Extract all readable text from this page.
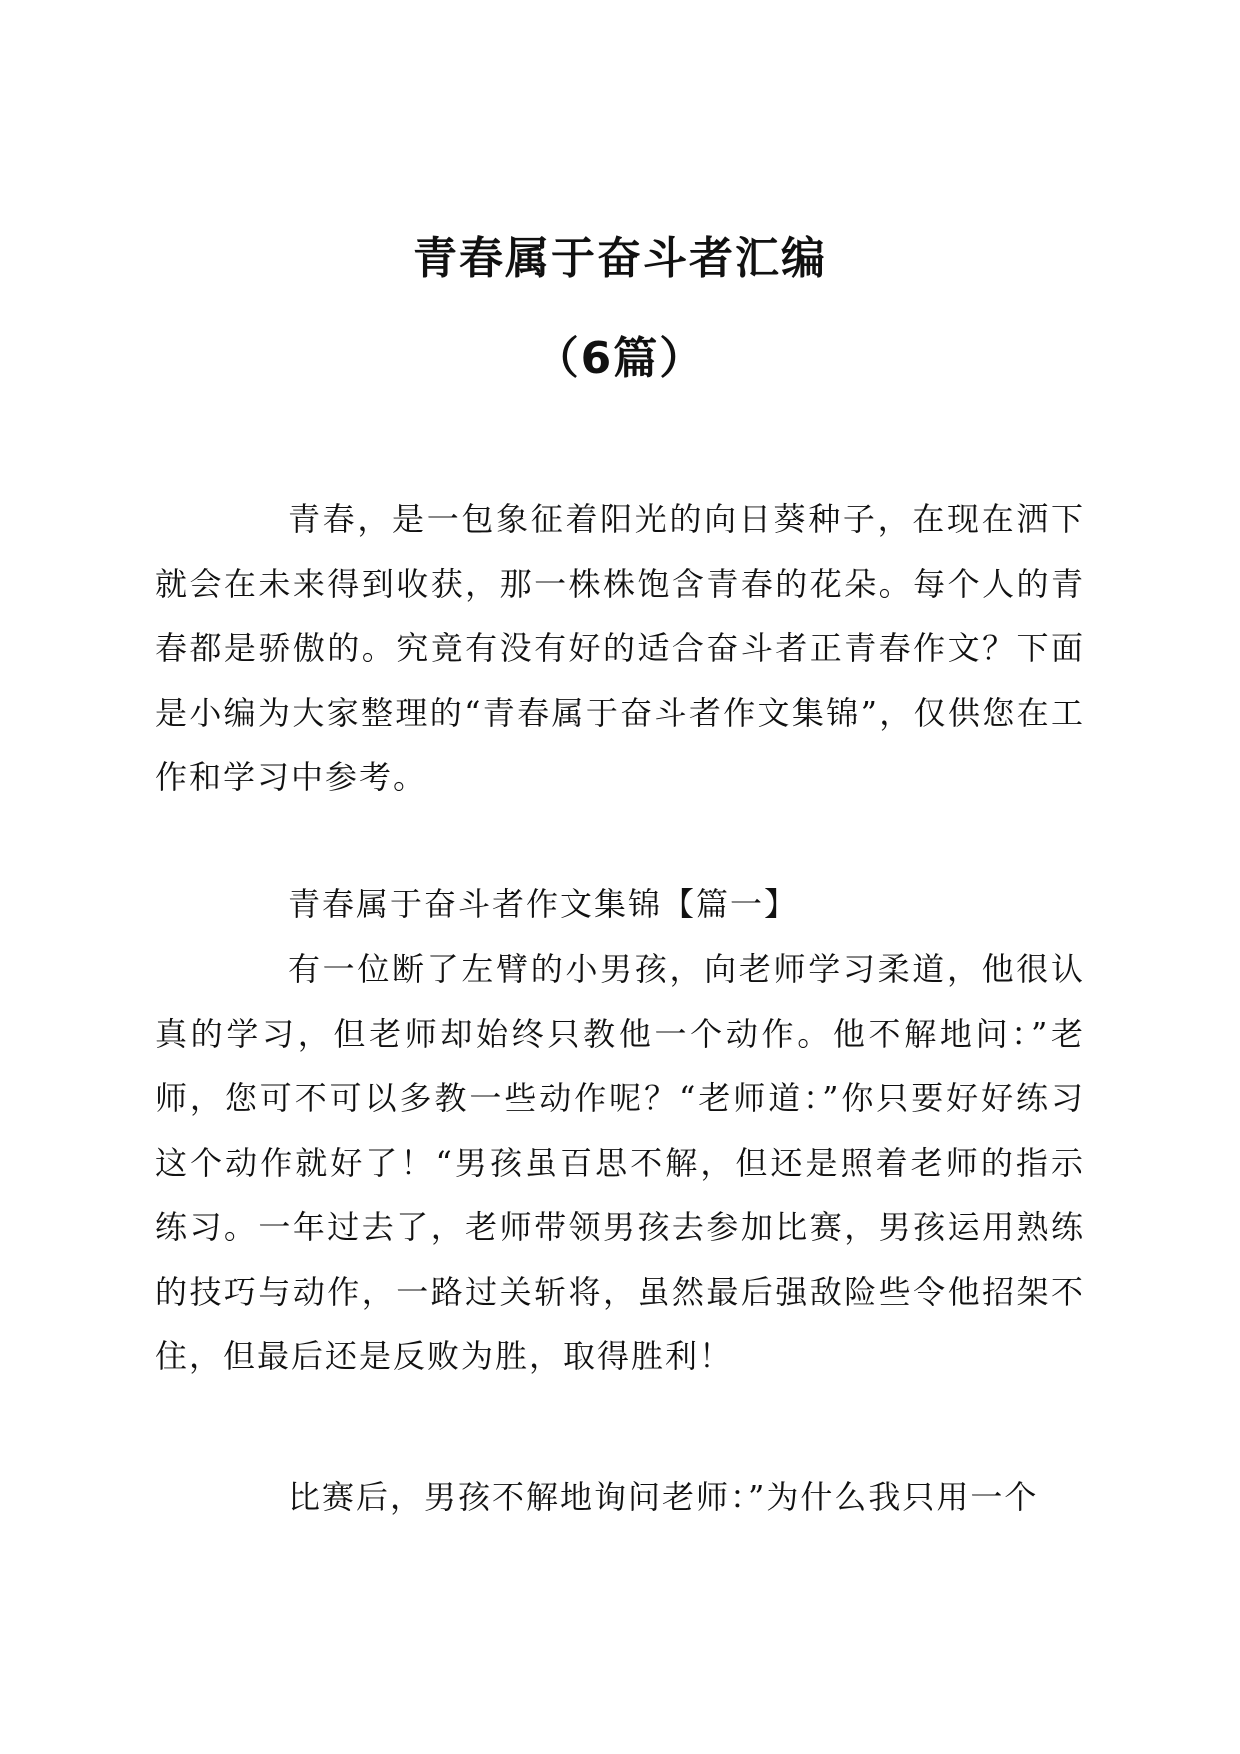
青春属于奋斗者汇编
（6篇）

青春，是一包象征着阳光的向日葵种子，在现在洒下就会在未来得到收获，那一株株饱含青春的花朵。每个人的青春都是骄傲的。究竟有没有好的适合奋斗者正青春作文？下面是小编为大家整理的“青春属于奋斗者作文集锦”，仅供您在工作和学习中参考。

青春属于奋斗者作文集锦【篇一】

有一位断了左臂的小男孩，向老师学习柔道，他很认真的学习，但老师却始终只教他一个动作。他不解地问：”老师，您可不可以多教一些动作呢？“老师道：”你只要好好练习这个动作就好了！“男孩虽百思不解，但还是照着老师的指示练习。一年过去了，老师带领男孩去参加比赛，男孩运用熟练的技巧与动作，一路过关斩将，虽然最后强敌险些令他招架不住，但最后还是反败为胜，取得胜利！

比赛后，男孩不解地询问老师：”为什么我只用一个
